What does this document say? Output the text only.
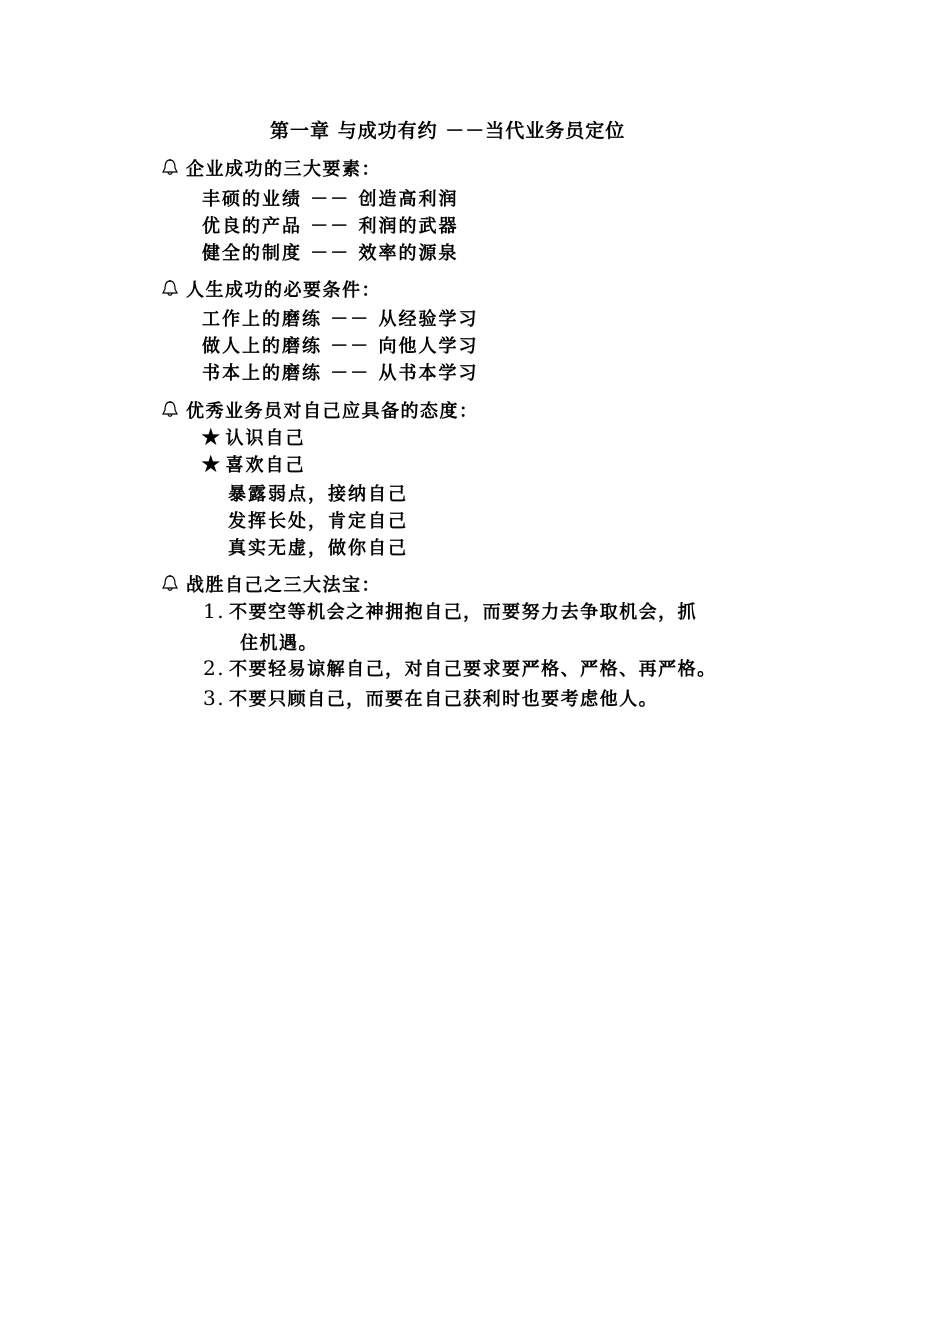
第一章 与成功有约 －－当代业务员定位
企业成功的三大要素：
丰硕的业绩 －－ 创造高利润
优良的产品 －－ 利润的武器
健全的制度 －－ 效率的源泉
人生成功的必要条件：
工作上的磨练 －－ 从经验学习
做人上的磨练 －－ 向他人学习
书本上的磨练 －－ 从书本学习
优秀业务员对自己应具备的态度：
★ 认识自己
★ 喜欢自己
暴露弱点，接纳自己
发挥长处，肯定自己
真实无虚，做你自己
战胜自己之三大法宝：
1. 不要空等机会之神拥抱自己，而要努力去争取机会，抓
住机遇。
2. 不要轻易谅解自己，对自己要求要严格、严格、再严格。
3. 不要只顾自己，而要在自己获利时也要考虑他人。
